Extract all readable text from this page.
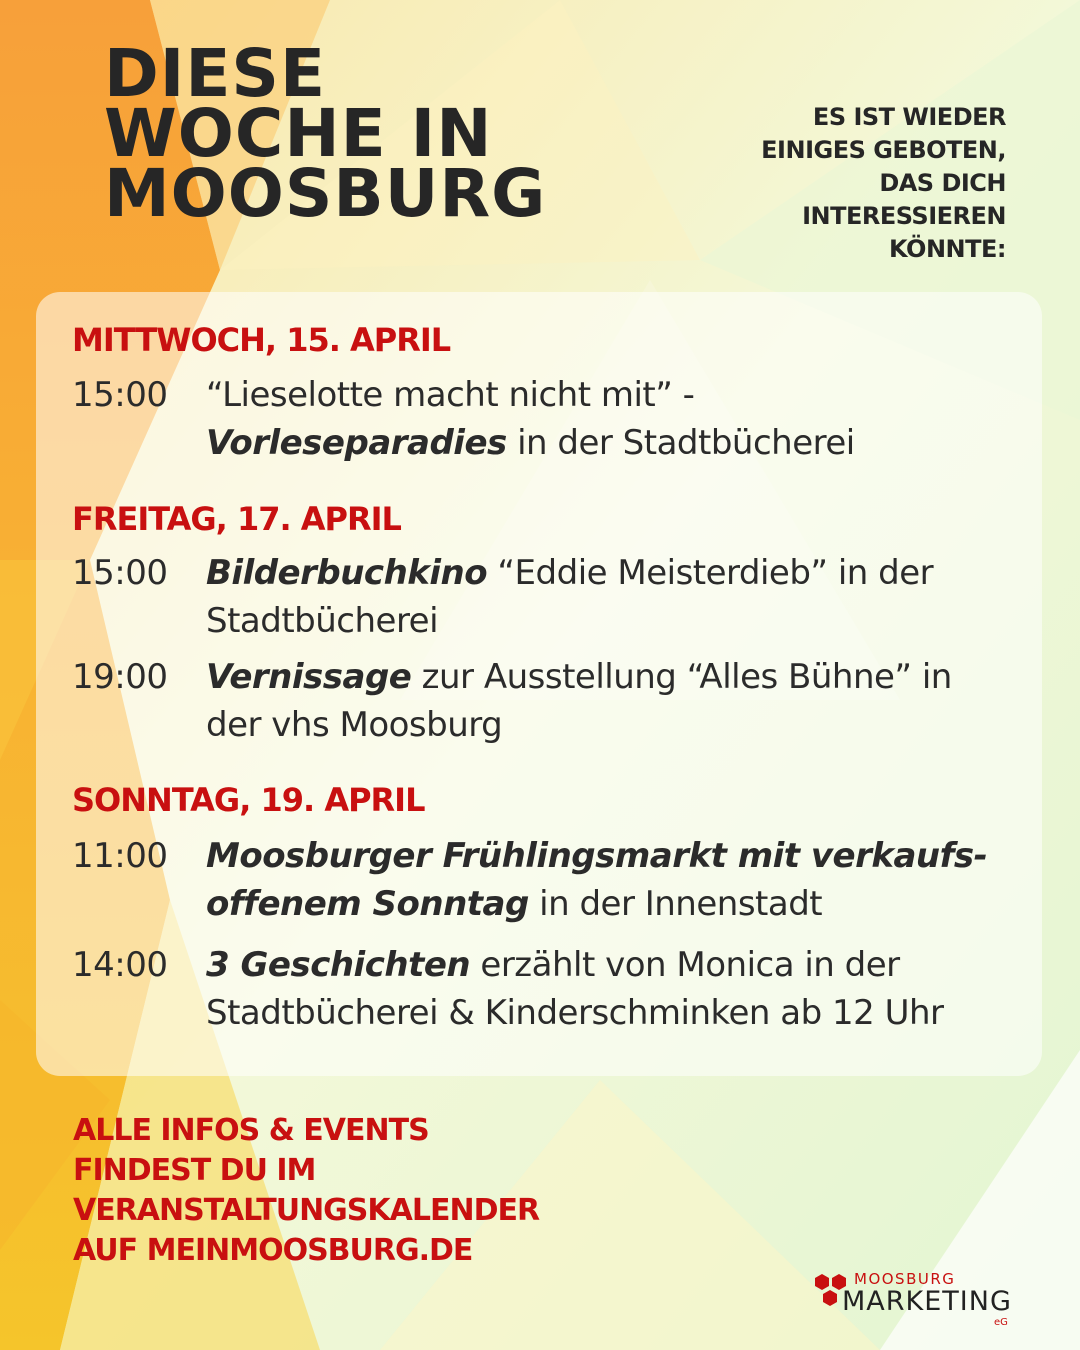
DIESE
WOCHE IN
MOOSBURG
ES IST WIEDER
EINIGES GEBOTEN,
DAS DICH
INTERESSIEREN
KÖNNTE:
MITTWOCH, 15. APRIL
15:00 “Lieselotte macht nicht mit” -
Vorleseparadies in der Stadtbücherei
FREITAG, 17. APRIL
15:00 Bilderbuchkino “Eddie Meisterdieb” in der Stadtbücherei
19:00 Vernissage zur Ausstellung “Alles Bühne” in der vhs Moosburg
SONNTAG, 19. APRIL
11:00 Moosburger Frühlingsmarkt mit verkaufs-offenem Sonntag in der Innenstadt
14:00 3 Geschichten erzählt von Monica in der Stadtbücherei & Kinderschminken ab 12 Uhr
ALLE INFOS & EVENTS
FINDEST DU IM
VERANSTALTUNGSKALENDER
AUF MEINMOOSBURG.DE
MOOSBURG
MARKETING
eG
